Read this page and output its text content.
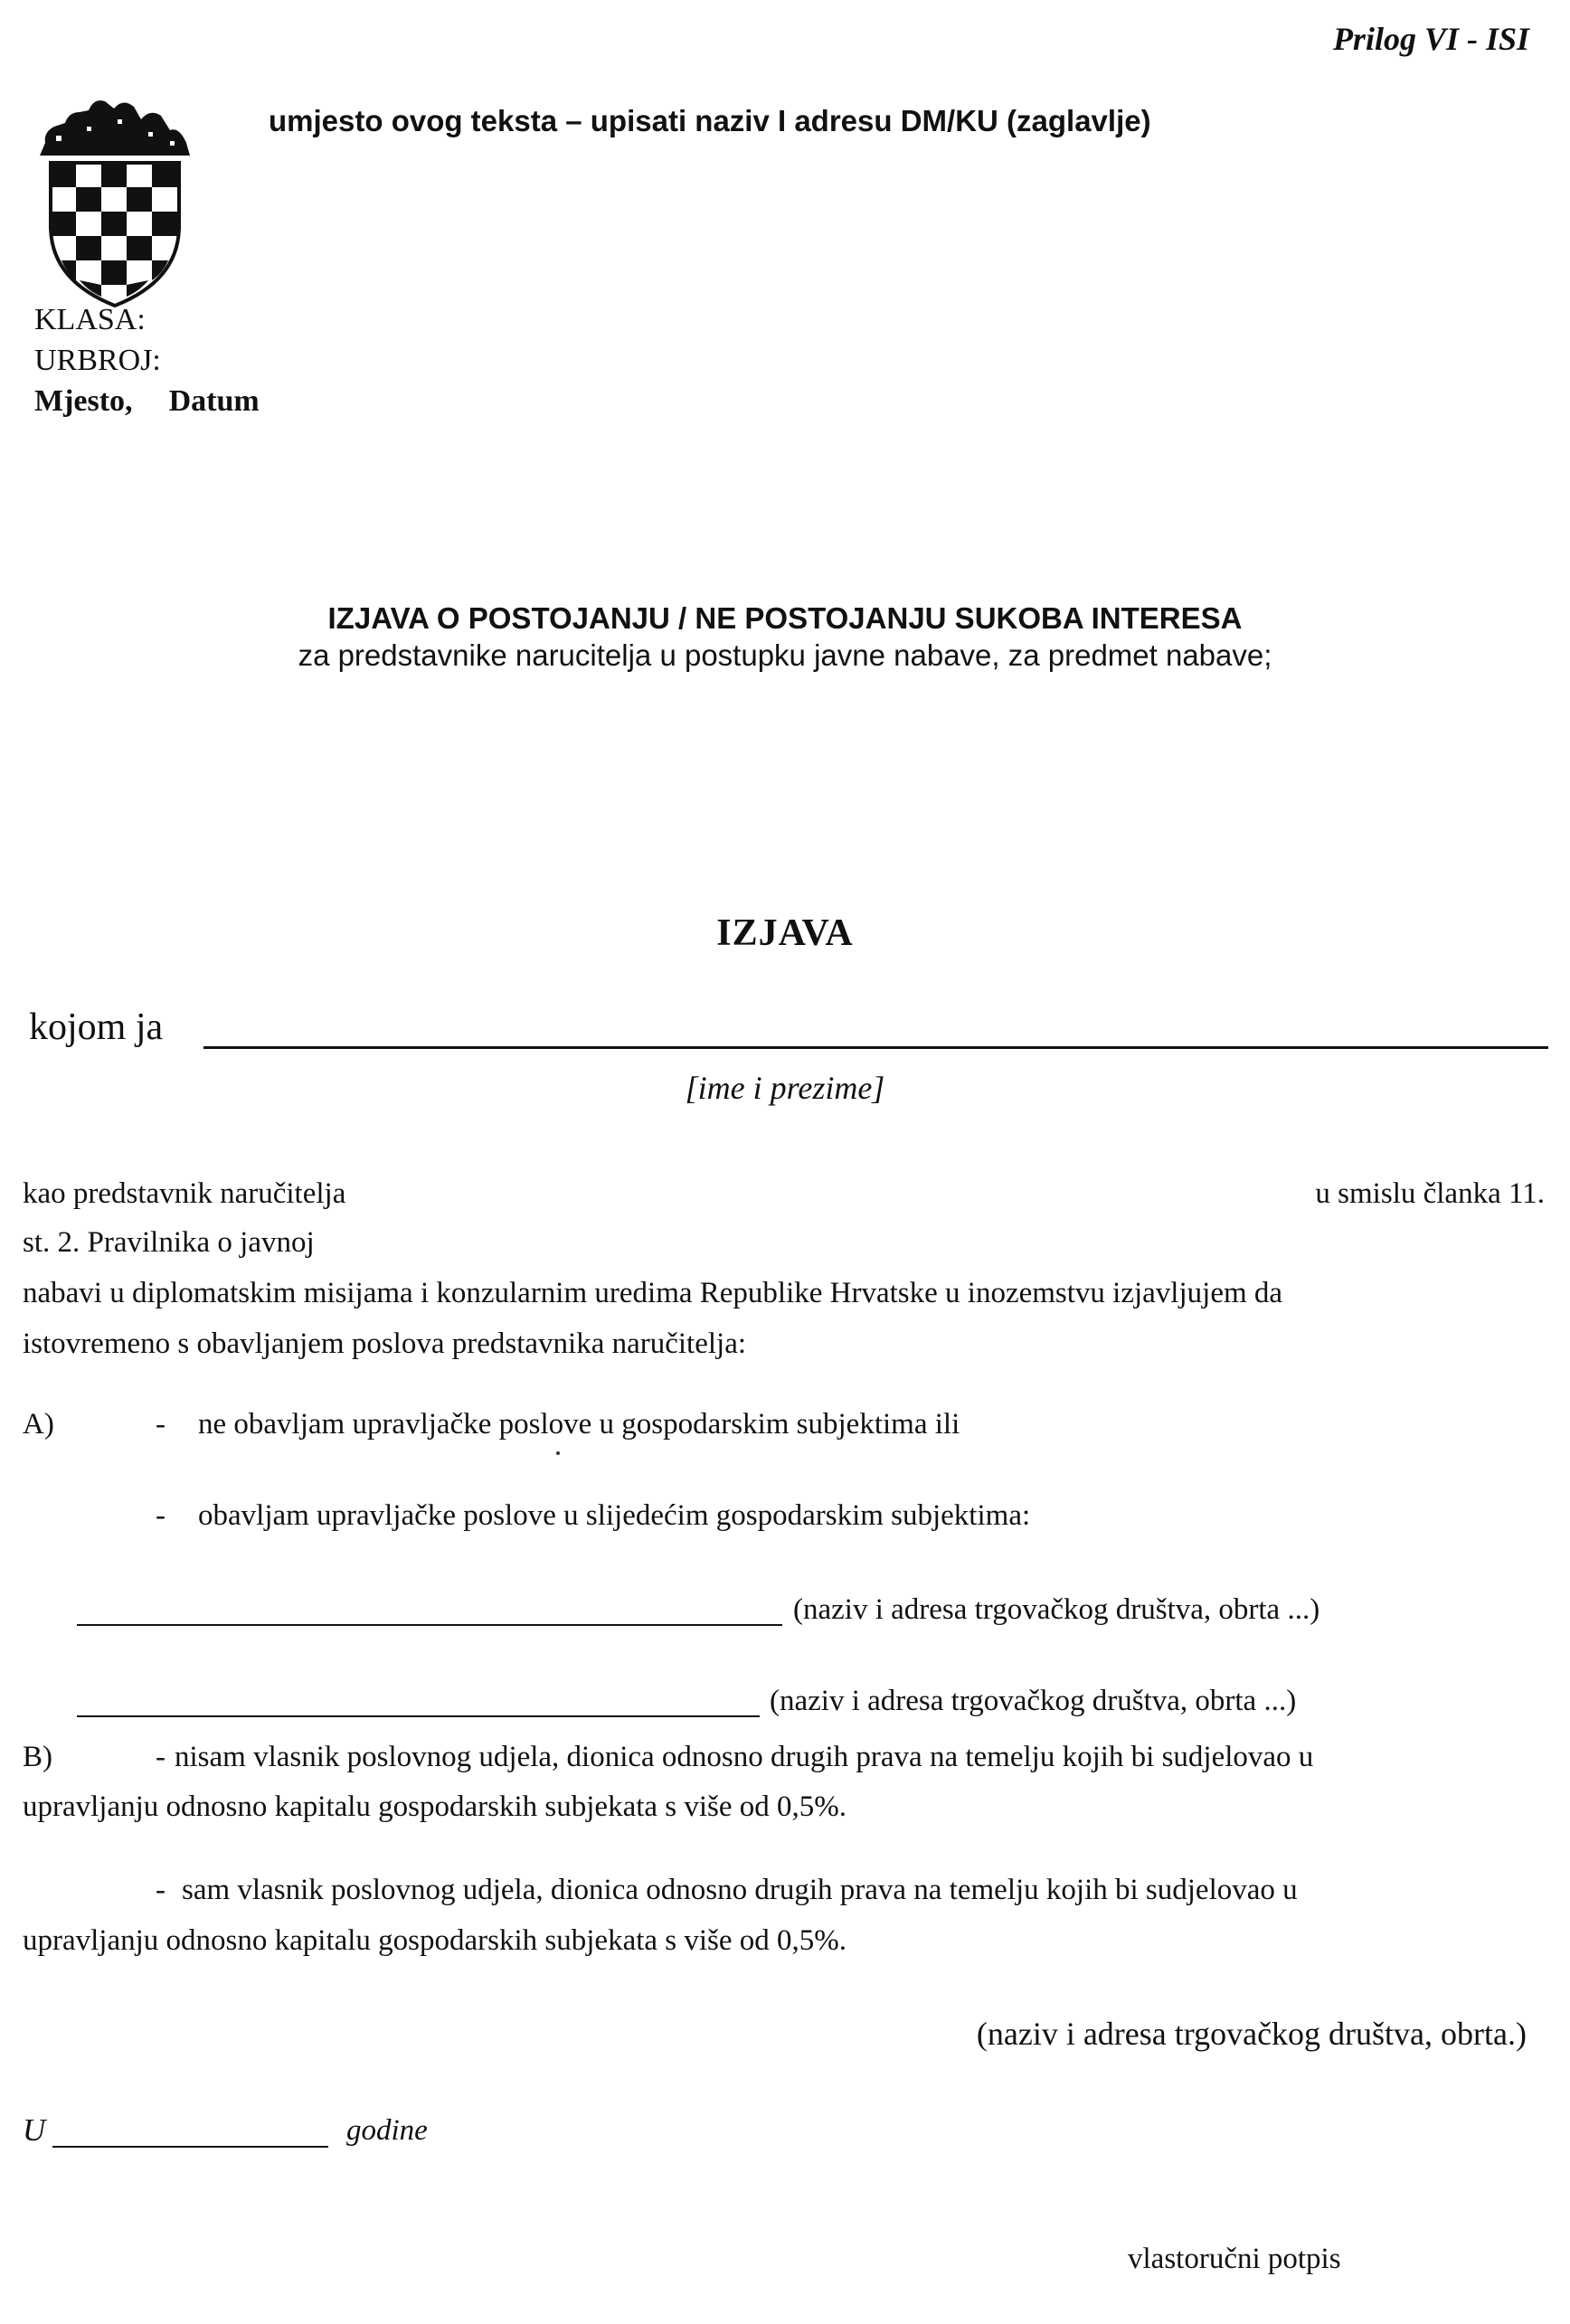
Prilog VI - ISI
umjesto ovog teksta – upisati naziv I adresu DM/KU (zaglavlje)
KLASA:
URBROJ:
Mjesto, Datum
IZJAVA O POSTOJANJU / NE POSTOJANJU SUKOBA INTERESA
za predstavnike narucitelja u postupku javne nabave, za predmet nabave;
IZJAVA
kojom ja
[ime i prezime]
kao predstavnik naručitelja	u smislu članka 11.
st. 2. Pravilnika o javnoj
nabavi u diplomatskim misijama i konzularnim uredima Republike Hrvatske u inozemstvu izjavljujem da
istovremeno s obavljanjem poslova predstavnika naručitelja:
A)	- ne obavljam upravljačke poslove u gospodarskim subjektima ili
- obavljam upravljačke poslove u slijedećim gospodarskim subjektima:
(naziv i adresa trgovačkog društva, obrta ...)
(naziv i adresa trgovačkog društva, obrta ...)
B)	- nisam vlasnik poslovnog udjela, dionica odnosno drugih prava na temelju kojih bi sudjelovao u
upravljanju odnosno kapitalu gospodarskih subjekata s više od 0,5%.
- sam vlasnik poslovnog udjela, dionica odnosno drugih prava na temelju kojih bi sudjelovao u
upravljanju odnosno kapitalu gospodarskih subjekata s više od 0,5%.
(naziv i adresa trgovačkog društva, obrta.)
U	godine
vlastoručni potpis
